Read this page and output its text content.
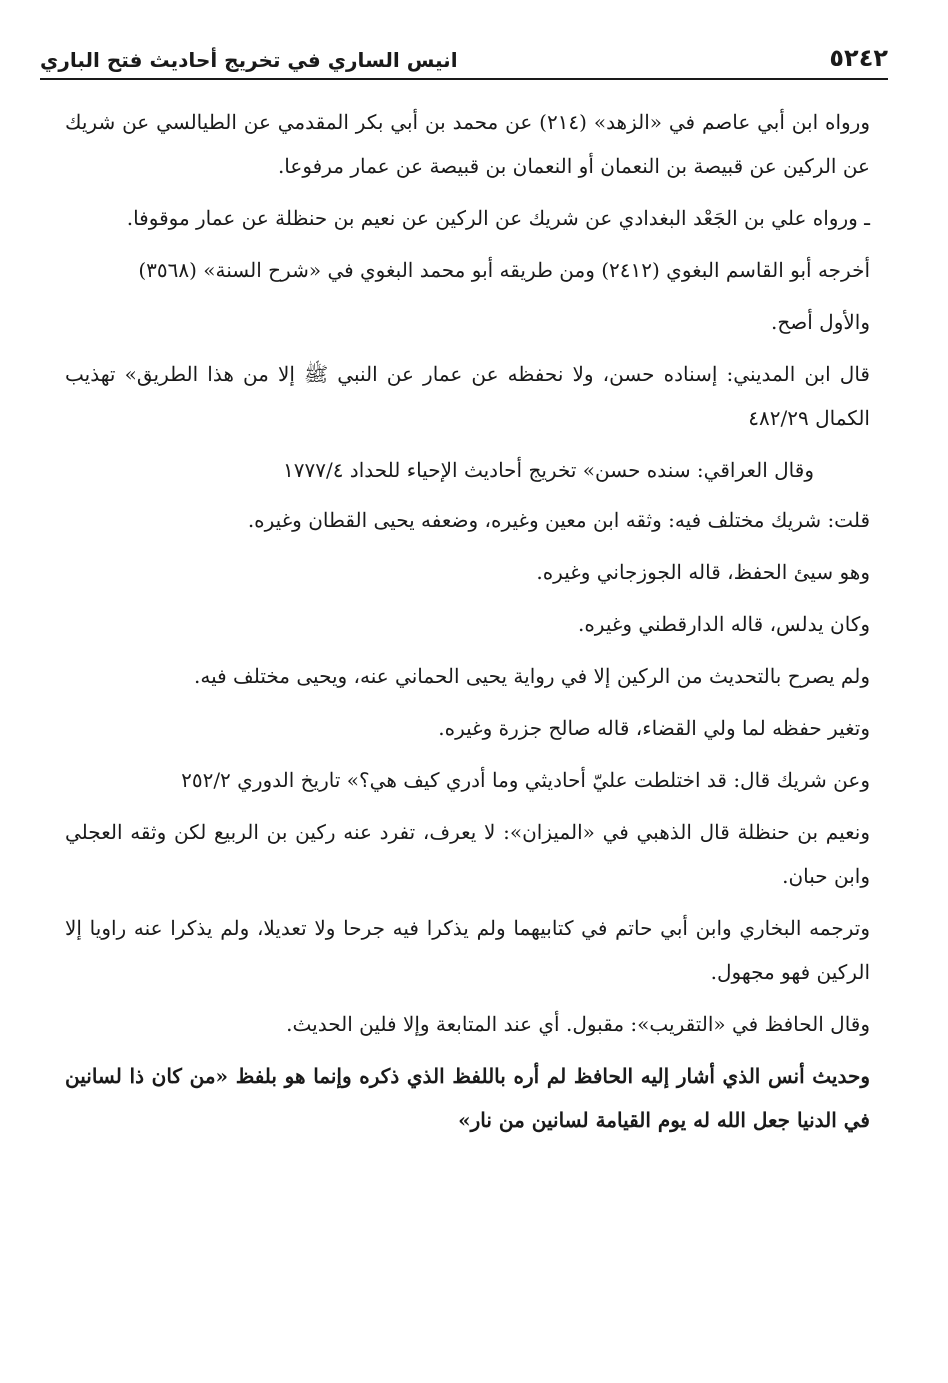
٥٢٤٢
انيس الساري في تخريج أحاديث فتح الباري

ورواه ابن أبي عاصم في «الزهد» (٢١٤) عن محمد بن أبي بكر المقدمي عن الطيالسي عن شريك عن الركين عن قبيصة بن النعمان أو النعمان بن قبيصة عن عمار مرفوعا.

ـ ورواه علي بن الجَعْد البغدادي عن شريك عن الركين عن نعيم بن حنظلة عن عمار موقوفا.

أخرجه أبو القاسم البغوي (٢٤١٢) ومن طريقه أبو محمد البغوي في «شرح السنة» (٣٥٦٨)

والأول أصح.

قال ابن المديني: إسناده حسن، ولا نحفظه عن عمار عن النبي ﷺ إلا من هذا الطريق» تهذيب الكمال ٤٨٢/٢٩

وقال العراقي: سنده حسن» تخريج أحاديث الإحياء للحداد ١٧٧٧/٤

قلت: شريك مختلف فيه: وثقه ابن معين وغيره، وضعفه يحيى القطان وغيره.

وهو سيئ الحفظ، قاله الجوزجاني وغيره.

وكان يدلس، قاله الدارقطني وغيره.

ولم يصرح بالتحديث من الركين إلا في رواية يحيى الحماني عنه، ويحيى مختلف فيه.

وتغير حفظه لما ولي القضاء، قاله صالح جزرة وغيره.

وعن شريك قال: قد اختلطت عليّ أحاديثي وما أدري كيف هي؟» تاريخ الدوري ٢٥٢/٢

ونعيم بن حنظلة قال الذهبي في «الميزان»: لا يعرف، تفرد عنه ركين بن الربيع لكن وثقه العجلي وابن حبان.

وترجمه البخاري وابن أبي حاتم في كتابيهما ولم يذكرا فيه جرحا ولا تعديلا، ولم يذكرا عنه راويا إلا الركين فهو مجهول.

وقال الحافظ في «التقريب»: مقبول. أي عند المتابعة وإلا فلين الحديث.

وحديث أنس الذي أشار إليه الحافظ لم أره باللفظ الذي ذكره وإنما هو بلفظ «من كان ذا لسانين في الدنيا جعل الله له يوم القيامة لسانين من نار»
